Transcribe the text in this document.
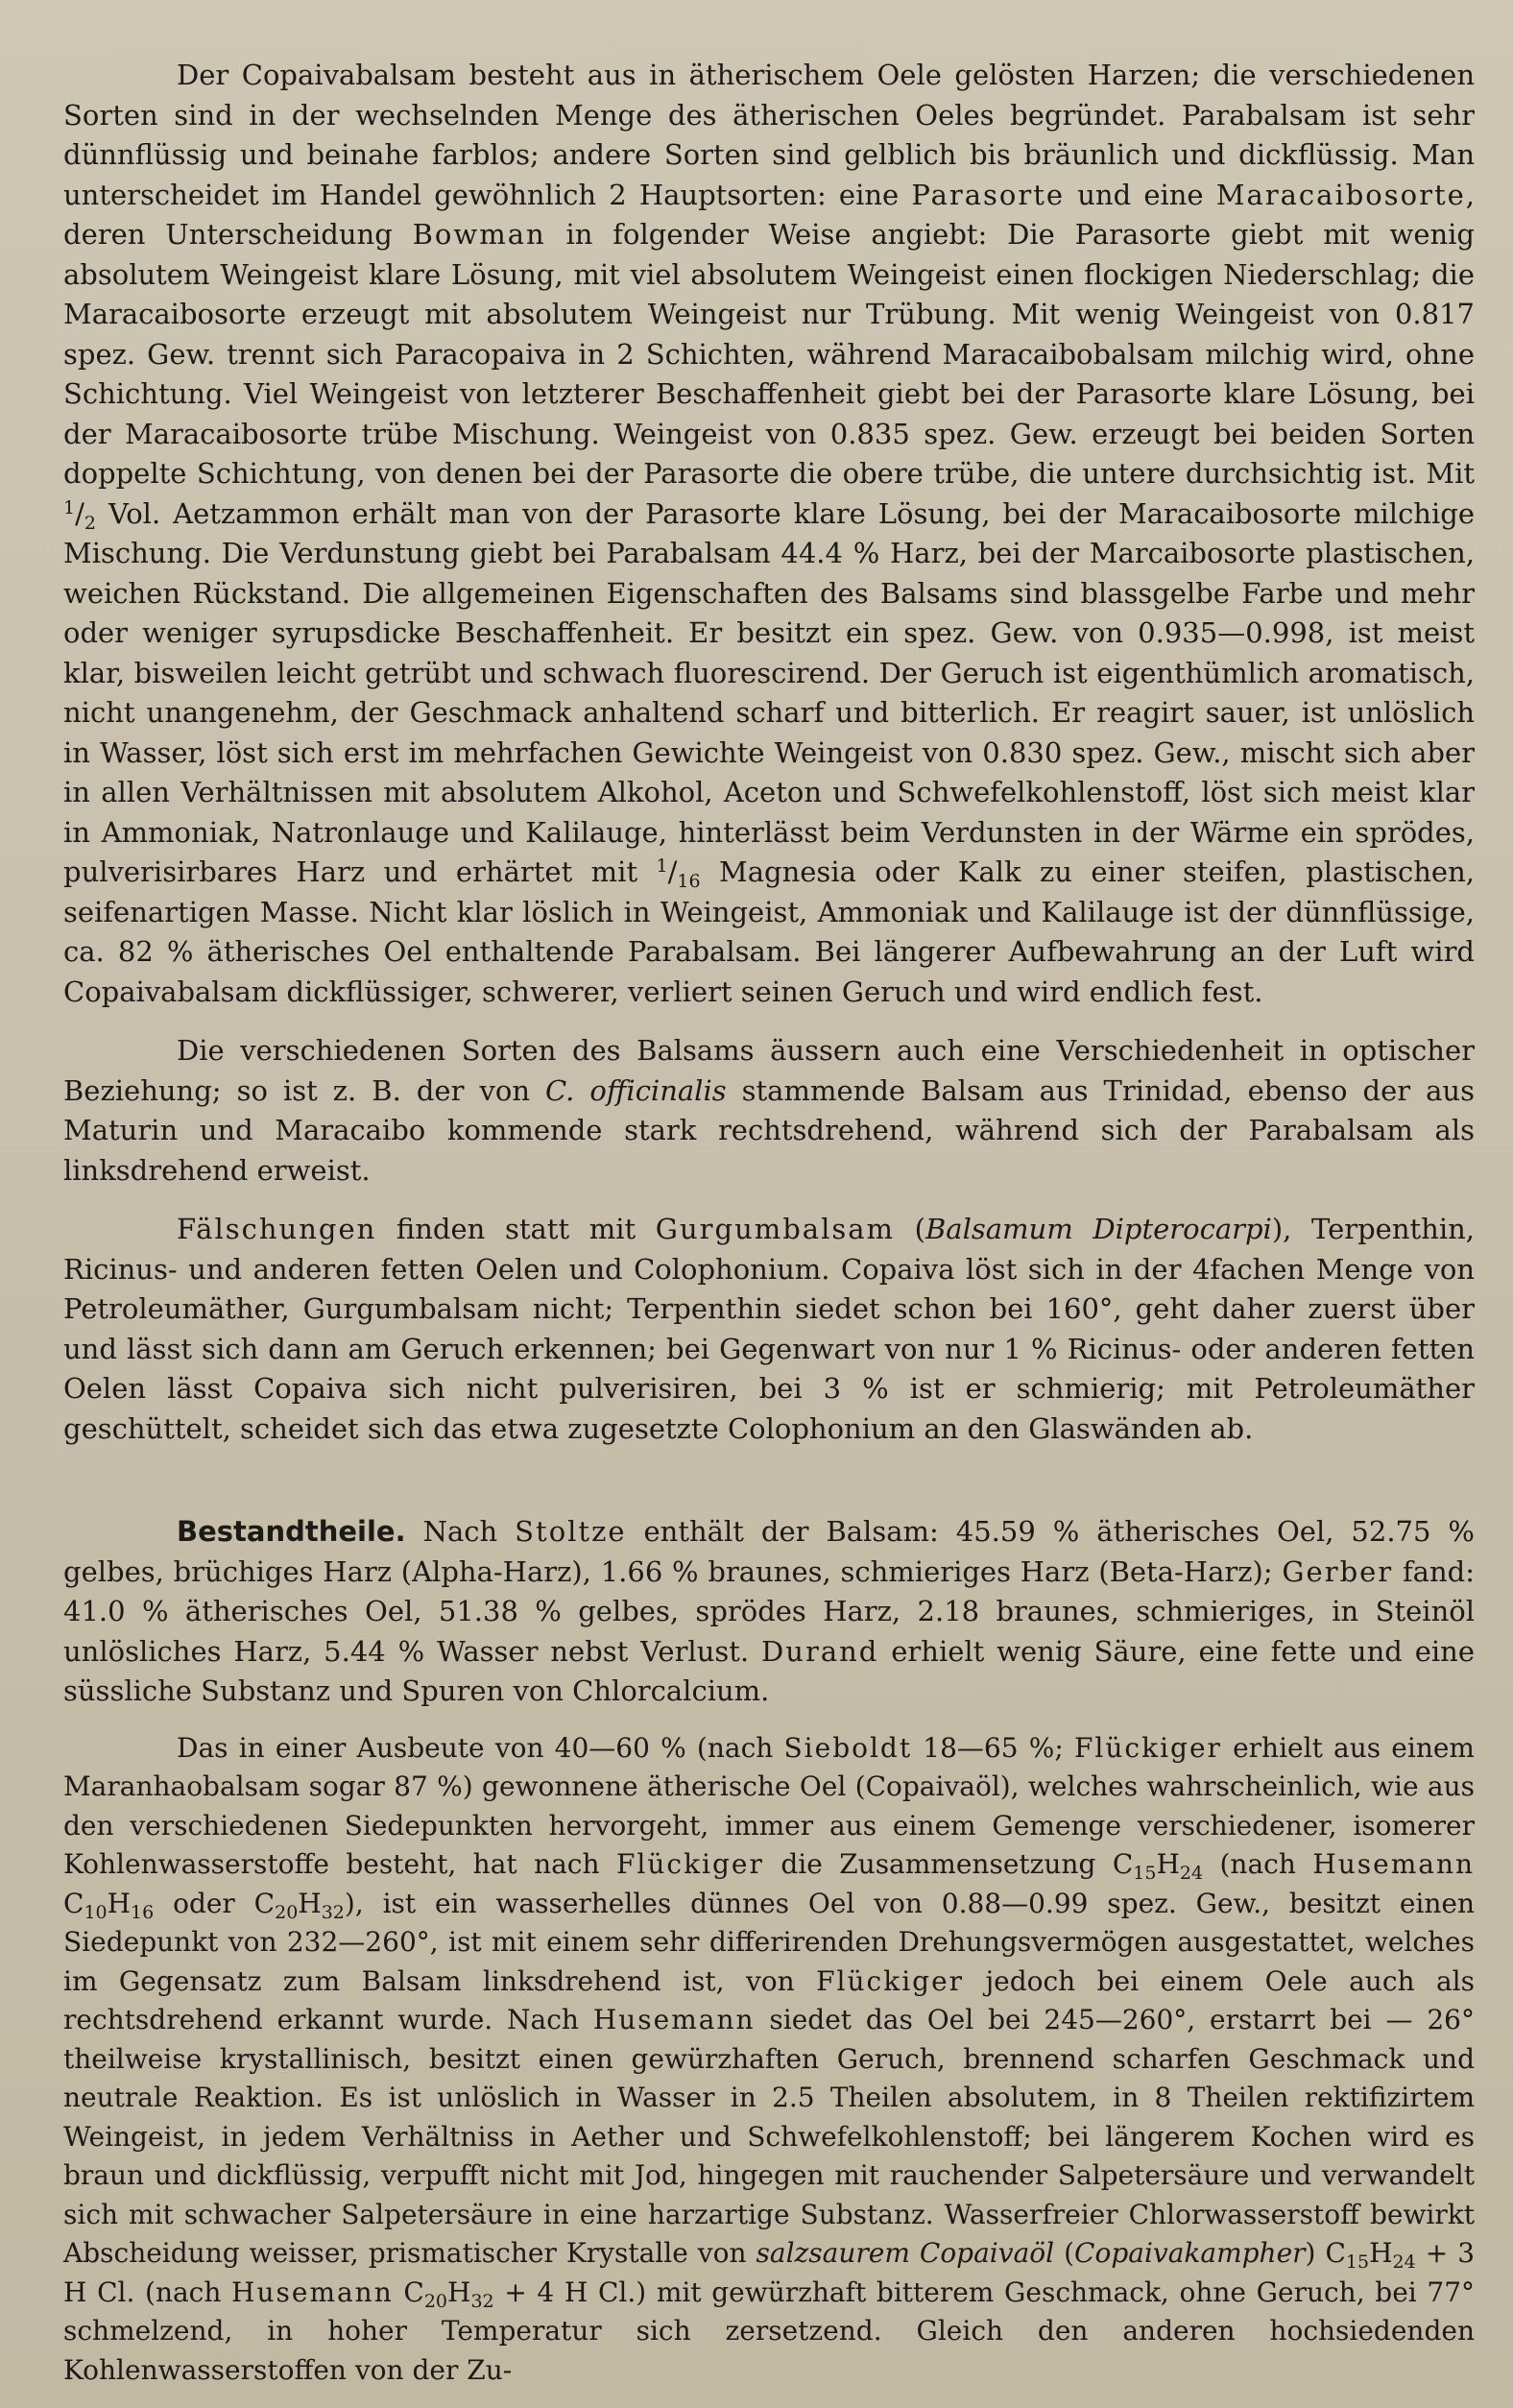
Der Copaivabalsam besteht aus in ätherischem Oele gelösten Harzen; die verschiedenen Sorten sind in der wechselnden Menge des ätherischen Oeles begründet. Parabalsam ist sehr dünnflüssig und beinahe farblos; andere Sorten sind gelblich bis bräunlich und dickflüssig. Man unterscheidet im Handel gewöhnlich 2 Hauptsorten: eine Parasorte und eine Maracaibosorte, deren Unterscheidung Bowman in folgender Weise angiebt: Die Parasorte giebt mit wenig absolutem Weingeist klare Lösung, mit viel absolutem Weingeist einen flockigen Niederschlag; die Maracaibosorte erzeugt mit absolutem Weingeist nur Trübung. Mit wenig Weingeist von 0.817 spez. Gew. trennt sich Paracopaiva in 2 Schichten, während Maracaibobalsam milchig wird, ohne Schichtung. Viel Weingeist von letzterer Beschaffenheit giebt bei der Parasorte klare Lösung, bei der Maracaibosorte trübe Mischung. Weingeist von 0.835 spez. Gew. erzeugt bei beiden Sorten doppelte Schichtung, von denen bei der Parasorte die obere trübe, die untere durchsichtig ist. Mit $^1/_2$ Vol. Aetzammon erhält man von der Parasorte klare Lösung, bei der Maracaibosorte milchige Mischung. Die Verdunstung giebt bei Parabalsam 44.4 % Harz, bei der Marcaibosorte plastischen, weichen Rückstand. Die allgemeinen Eigenschaften des Balsams sind blassgelbe Farbe und mehr oder weniger syrupsdicke Beschaffenheit. Er besitzt ein spez. Gew. von 0.935—0.998, ist meist klar, bisweilen leicht getrübt und schwach fluorescirend. Der Geruch ist eigenthümlich aromatisch, nicht unangenehm, der Geschmack anhaltend scharf und bitterlich. Er reagirt sauer, ist unlöslich in Wasser, löst sich erst im mehrfachen Gewichte Weingeist von 0.830 spez. Gew., mischt sich aber in allen Verhältnissen mit absolutem Alkohol, Aceton und Schwefelkohlenstoff, löst sich meist klar in Ammoniak, Natronlauge und Kalilauge, hinterlässt beim Verdunsten in der Wärme ein sprödes, pulverisirbares Harz und erhärtet mit $^1/_{16}$ Magnesia oder Kalk zu einer steifen, plastischen, seifenartigen Masse. Nicht klar löslich in Weingeist, Ammoniak und Kalilauge ist der dünnflüssige, ca. 82 % ätherisches Oel enthaltende Parabalsam. Bei längerer Aufbewahrung an der Luft wird Copaivabalsam dickflüssiger, schwerer, verliert seinen Geruch und wird endlich fest.

Die verschiedenen Sorten des Balsams äussern auch eine Verschiedenheit in optischer Beziehung; so ist z. B. der von C. officinalis stammende Balsam aus Trinidad, ebenso der aus Maturin und Maracaibo kommende stark rechtsdrehend, während sich der Parabalsam als linksdrehend erweist.

Fälschungen finden statt mit Gurgumbalsam (Balsamum Dipterocarpi), Terpenthin, Ricinus- und anderen fetten Oelen und Colophonium. Copaiva löst sich in der 4fachen Menge von Petroleumäther, Gurgumbalsam nicht; Terpenthin siedet schon bei 160°, geht daher zuerst über und lässt sich dann am Geruch erkennen; bei Gegenwart von nur 1 % Ricinus- oder anderen fetten Oelen lässt Copaiva sich nicht pulverisiren, bei 3 % ist er schmierig; mit Petroleumäther geschüttelt, scheidet sich das etwa zugesetzte Colophonium an den Glaswänden ab.

Bestandtheile. Nach Stoltze enthält der Balsam: 45.59 % ätherisches Oel, 52.75 % gelbes, brüchiges Harz (Alpha-Harz), 1.66 % braunes, schmieriges Harz (Beta-Harz); Gerber fand: 41.0 % ätherisches Oel, 51.38 % gelbes, sprödes Harz, 2.18 braunes, schmieriges, in Steinöl unlösliches Harz, 5.44 % Wasser nebst Verlust. Durand erhielt wenig Säure, eine fette und eine süssliche Substanz und Spuren von Chlorcalcium.

Das in einer Ausbeute von 40—60 % (nach Sieboldt 18—65 %; Flückiger erhielt aus einem Maranhaobalsam sogar 87 %) gewonnene ätherische Oel (Copaivaöl), welches wahrscheinlich, wie aus den verschiedenen Siedepunkten hervorgeht, immer aus einem Gemenge verschiedener, isomerer Kohlenwasserstoffe besteht, hat nach Flückiger die Zusammensetzung $C_{15}H_{24}$ (nach Husemann $C_{10}H_{16}$ oder $C_{20}H_{32}$), ist ein wasserhelles dünnes Oel von 0.88—0.99 spez. Gew., besitzt einen Siedepunkt von 232—260°, ist mit einem sehr differirenden Drehungsvermögen ausgestattet, welches im Gegensatz zum Balsam linksdrehend ist, von Flückiger jedoch bei einem Oele auch als rechtsdrehend erkannt wurde. Nach Husemann siedet das Oel bei 245—260°, erstarrt bei — 26° theilweise krystallinisch, besitzt einen gewürzhaften Geruch, brennend scharfen Geschmack und neutrale Reaktion. Es ist unlöslich in Wasser in 2.5 Theilen absolutem, in 8 Theilen rektifizirtem Weingeist, in jedem Verhältniss in Aether und Schwefelkohlenstoff; bei längerem Kochen wird es braun und dickflüssig, verpufft nicht mit Jod, hingegen mit rauchender Salpetersäure und verwandelt sich mit schwacher Salpetersäure in eine harzartige Substanz. Wasserfreier Chlorwasserstoff bewirkt Abscheidung weisser, prismatischer Krystalle von salzsaurem Copaivaöl (Copaivakampher) $C_{15}H_{24} + 3$ H Cl. (nach Husemann $C_{20}H_{32} + 4$ H Cl.) mit gewürzhaft bitterem Geschmack, ohne Geruch, bei 77° schmelzend, in hoher Temperatur sich zersetzend. Gleich den anderen hochsiedenden Kohlenwasserstoffen von der Zu-
